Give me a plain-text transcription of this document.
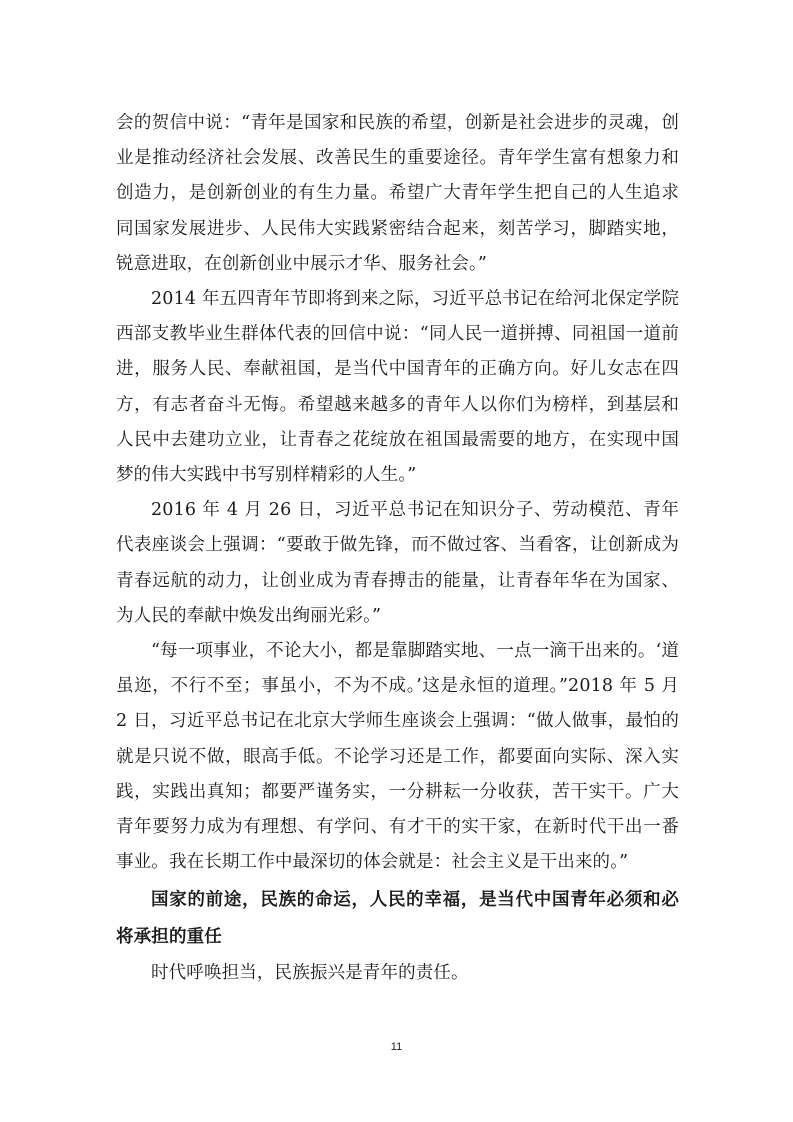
会的贺信中说：“青年是国家和民族的希望，创新是社会进步的灵魂，创业是推动经济社会发展、改善民生的重要途径。青年学生富有想象力和创造力，是创新创业的有生力量。希望广大青年学生把自己的人生追求同国家发展进步、人民伟大实践紧密结合起来，刻苦学习，脚踏实地，锐意进取，在创新创业中展示才华、服务社会。”

2014 年五四青年节即将到来之际，习近平总书记在给河北保定学院西部支教毕业生群体代表的回信中说：“同人民一道拼搏、同祖国一道前进，服务人民、奉献祖国，是当代中国青年的正确方向。好儿女志在四方，有志者奋斗无悔。希望越来越多的青年人以你们为榜样，到基层和人民中去建功立业，让青春之花绽放在祖国最需要的地方，在实现中国梦的伟大实践中书写别样精彩的人生。”

2016 年 4 月 26 日，习近平总书记在知识分子、劳动模范、青年代表座谈会上强调：“要敢于做先锋，而不做过客、当看客，让创新成为青春远航的动力，让创业成为青春搏击的能量，让青春年华在为国家、为人民的奉献中焕发出绚丽光彩。”

“每一项事业，不论大小，都是靠脚踏实地、一点一滴干出来的。‘道虽迩，不行不至；事虽小，不为不成。’这是永恒的道理。”2018 年 5 月 2 日，习近平总书记在北京大学师生座谈会上强调：“做人做事，最怕的就是只说不做，眼高手低。不论学习还是工作，都要面向实际、深入实践，实践出真知；都要严谨务实，一分耕耘一分收获，苦干实干。广大青年要努力成为有理想、有学问、有才干的实干家，在新时代干出一番事业。我在长期工作中最深切的体会就是：社会主义是干出来的。”

国家的前途，民族的命运，人民的幸福，是当代中国青年必须和必将承担的重任

时代呼唤担当，民族振兴是青年的责任。

11
